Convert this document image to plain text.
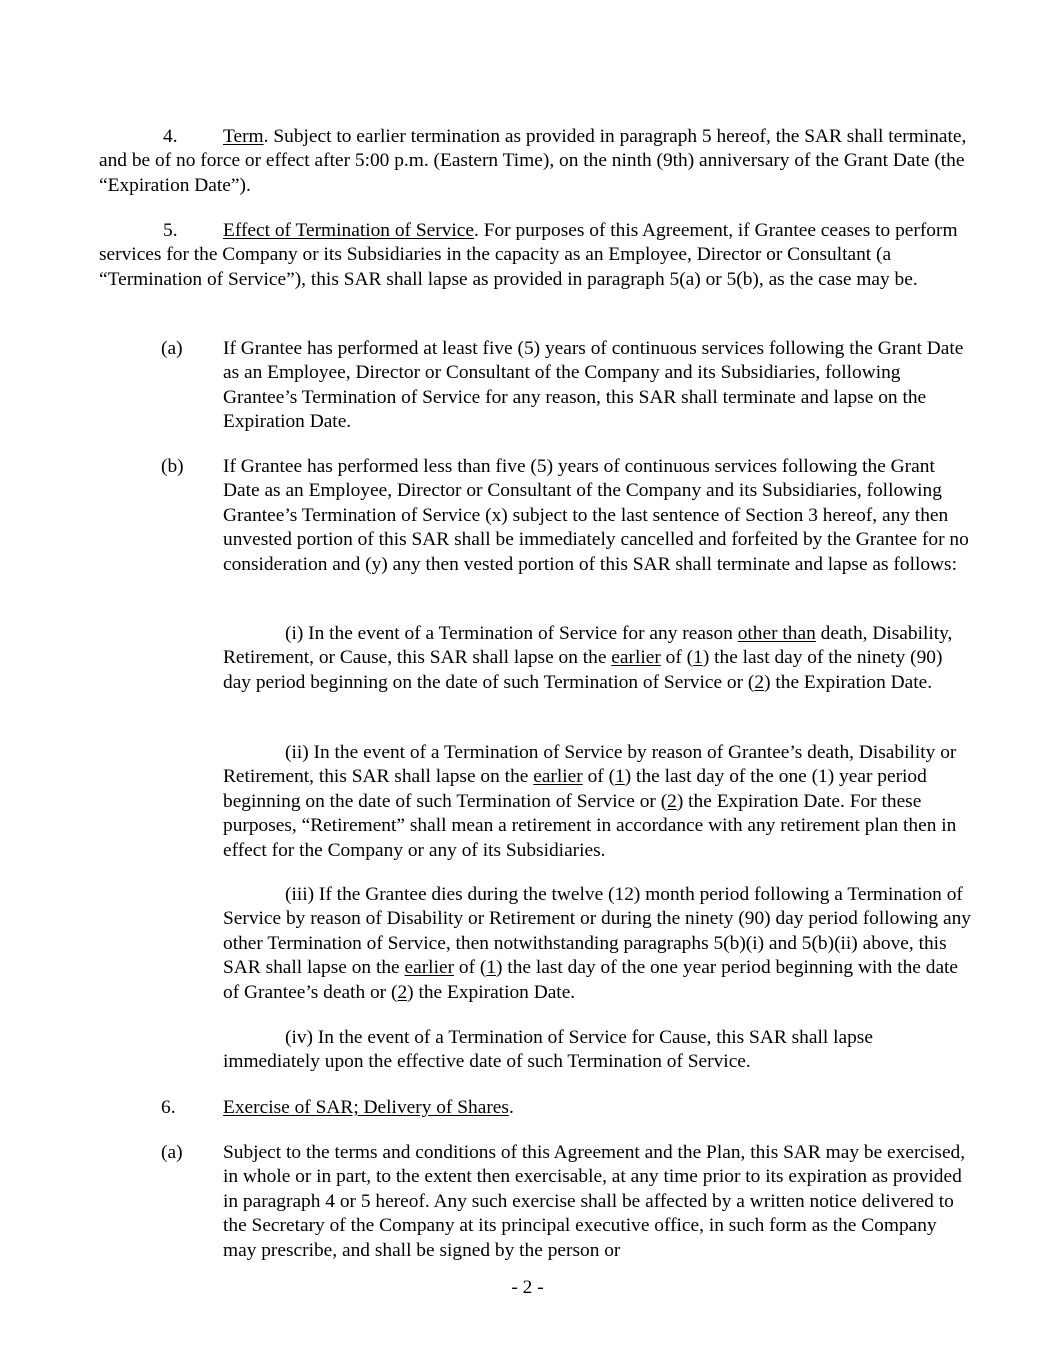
4.	Term. Subject to earlier termination as provided in paragraph 5 hereof, the SAR shall terminate, and be of no force or effect after 5:00 p.m. (Eastern Time), on the ninth (9th) anniversary of the Grant Date (the “Expiration Date”).

5.	Effect of Termination of Service. For purposes of this Agreement, if Grantee ceases to perform services for the Company or its Subsidiaries in the capacity as an Employee, Director or Consultant (a “Termination of Service”), this SAR shall lapse as provided in paragraph 5(a) or 5(b), as the case may be.

(a) If Grantee has performed at least five (5) years of continuous services following the Grant Date as an Employee, Director or Consultant of the Company and its Subsidiaries, following Grantee’s Termination of Service for any reason, this SAR shall terminate and lapse on the Expiration Date.

(b) If Grantee has performed less than five (5) years of continuous services following the Grant Date as an Employee, Director or Consultant of the Company and its Subsidiaries, following Grantee’s Termination of Service (x) subject to the last sentence of Section 3 hereof, any then unvested portion of this SAR shall be immediately cancelled and forfeited by the Grantee for no consideration and (y) any then vested portion of this SAR shall terminate and lapse as follows:

(i) In the event of a Termination of Service for any reason other than death, Disability, Retirement, or Cause, this SAR shall lapse on the earlier of (1) the last day of the ninety (90) day period beginning on the date of such Termination of Service or (2) the Expiration Date.

(ii) In the event of a Termination of Service by reason of Grantee’s death, Disability or Retirement, this SAR shall lapse on the earlier of (1) the last day of the one (1) year period beginning on the date of such Termination of Service or (2) the Expiration Date. For these purposes, “Retirement” shall mean a retirement in accordance with any retirement plan then in effect for the Company or any of its Subsidiaries.

(iii) If the Grantee dies during the twelve (12) month period following a Termination of Service by reason of Disability or Retirement or during the ninety (90) day period following any other Termination of Service, then notwithstanding paragraphs 5(b)(i) and 5(b)(ii) above, this SAR shall lapse on the earlier of (1) the last day of the one year period beginning with the date of Grantee’s death or (2) the Expiration Date.

(iv) In the event of a Termination of Service for Cause, this SAR shall lapse immediately upon the effective date of such Termination of Service.

6. Exercise of SAR; Delivery of Shares.

(a) Subject to the terms and conditions of this Agreement and the Plan, this SAR may be exercised, in whole or in part, to the extent then exercisable, at any time prior to its expiration as provided in paragraph 4 or 5 hereof. Any such exercise shall be affected by a written notice delivered to the Secretary of the Company at its principal executive office, in such form as the Company may prescribe, and shall be signed by the person or

- 2 -
